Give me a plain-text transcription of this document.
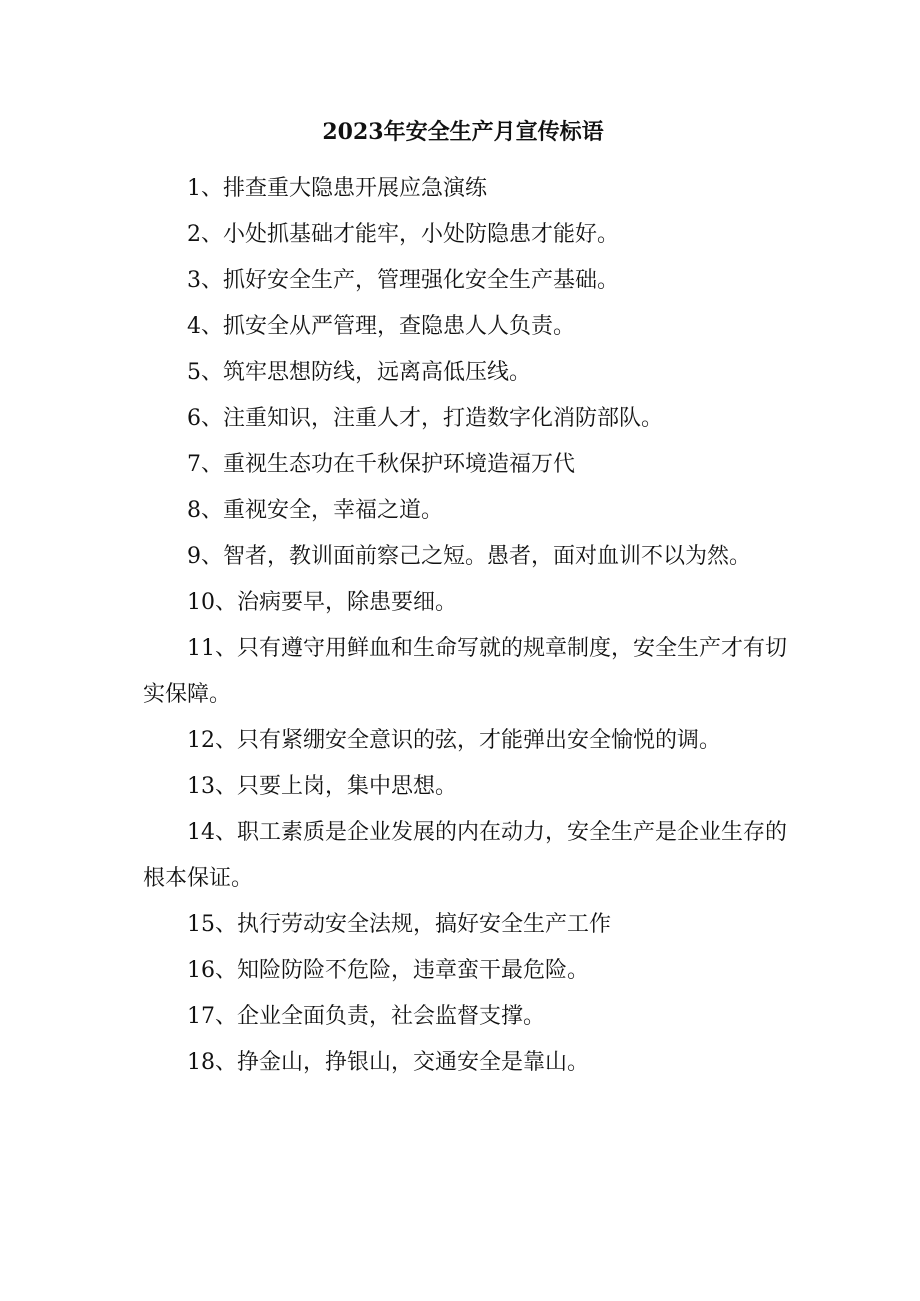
2023年安全生产月宣传标语
1、排查重大隐患开展应急演练
2、小处抓基础才能牢，小处防隐患才能好。
3、抓好安全生产，管理强化安全生产基础。
4、抓安全从严管理，查隐患人人负责。
5、筑牢思想防线，远离高低压线。
6、注重知识，注重人才，打造数字化消防部队。
7、重视生态功在千秋保护环境造福万代
8、重视安全，幸福之道。
9、智者，教训面前察己之短。愚者，面对血训不以为然。
10、治病要早，除患要细。
11、只有遵守用鲜血和生命写就的规章制度，安全生产才有切实保障。
12、只有紧绷安全意识的弦，才能弹出安全愉悦的调。
13、只要上岗，集中思想。
14、职工素质是企业发展的内在动力，安全生产是企业生存的根本保证。
15、执行劳动安全法规，搞好安全生产工作
16、知险防险不危险，违章蛮干最危险。
17、企业全面负责，社会监督支撑。
18、挣金山，挣银山，交通安全是靠山。
